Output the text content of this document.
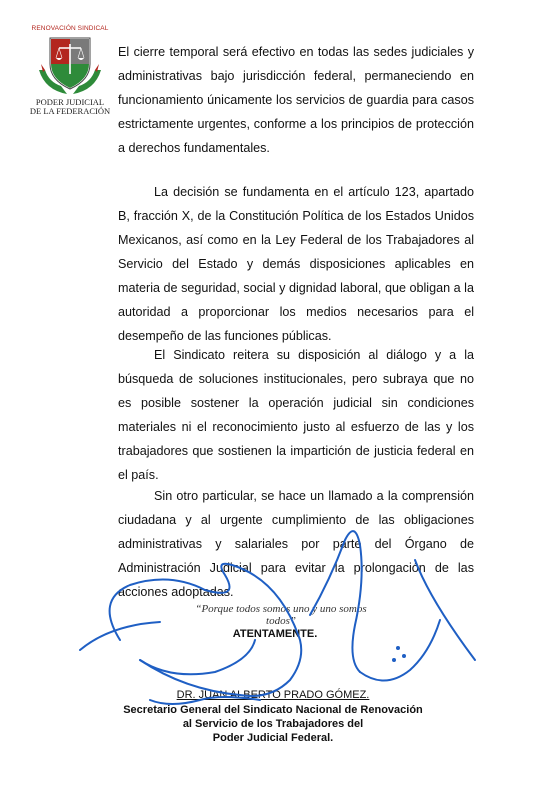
RENOVACIÓN SINDICAL
PODER JUDICIAL
DE LA FEDERACIÓN

El cierre temporal será efectivo en todas las sedes judiciales y administrativas bajo jurisdicción federal, permaneciendo en funcionamiento únicamente los servicios de guardia para casos estrictamente urgentes, conforme a los principios de protección a derechos fundamentales.

La decisión se fundamenta en el artículo 123, apartado B, fracción X, de la Constitución Política de los Estados Unidos Mexicanos, así como en la Ley Federal de los Trabajadores al Servicio del Estado y demás disposiciones aplicables en materia de seguridad, social y dignidad laboral, que obligan a la autoridad a proporcionar los medios necesarios para el desempeño de las funciones públicas.

El Sindicato reitera su disposición al diálogo y a la búsqueda de soluciones institucionales, pero subraya que no es posible sostener la operación judicial sin condiciones materiales ni el reconocimiento justo al esfuerzo de las y los trabajadores que sostienen la impartición de justicia federal en el país.

Sin otro particular, se hace un llamado a la comprensión ciudadana y al urgente cumplimiento de las obligaciones administrativas y salariales por parte del Órgano de Administración Judicial para evitar la prolongación de las acciones adoptadas.

“Porque todos somos uno y uno somos todos”
ATENTAMENTE.
DR. JUAN ALBERTO PRADO GÓMEZ.
Secretario General del Sindicato Nacional de Renovación
al Servicio de los Trabajadores del
Poder Judicial Federal.
